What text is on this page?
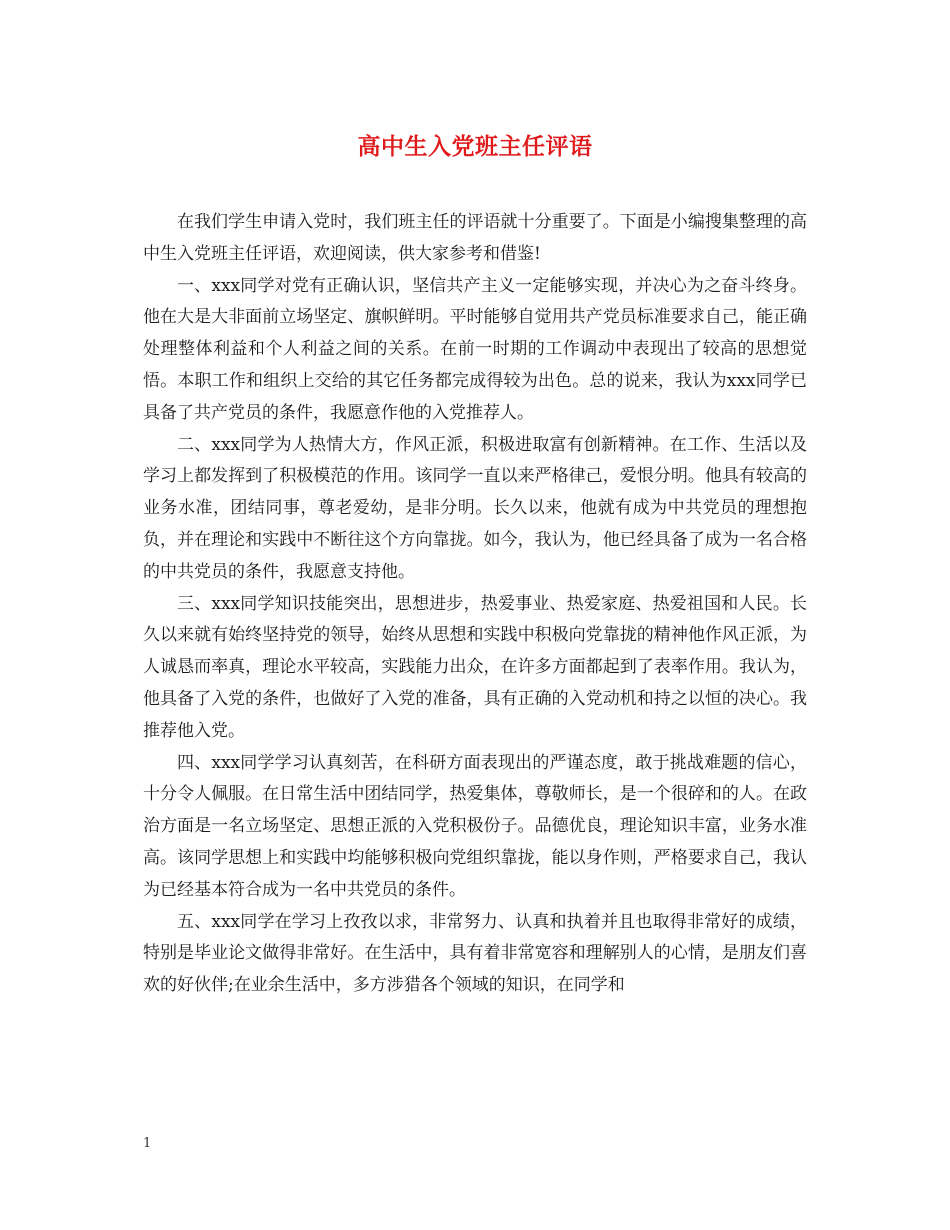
高中生入党班主任评语

在我们学生申请入党时，我们班主任的评语就十分重要了。下面是小编搜集整理的高中生入党班主任评语，欢迎阅读，供大家参考和借鉴!

一、xxx同学对党有正确认识，坚信共产主义一定能够实现，并决心为之奋斗终身。他在大是大非面前立场坚定、旗帜鲜明。平时能够自觉用共产党员标准要求自己，能正确处理整体利益和个人利益之间的关系。在前一时期的工作调动中表现出了较高的思想觉悟。本职工作和组织上交给的其它任务都完成得较为出色。总的说来，我认为xxx同学已具备了共产党员的条件，我愿意作他的入党推荐人。

二、xxx同学为人热情大方，作风正派，积极进取富有创新精神。在工作、生活以及学习上都发挥到了积极模范的作用。该同学一直以来严格律己，爱恨分明。他具有较高的业务水准，团结同事，尊老爱幼，是非分明。长久以来，他就有成为中共党员的理想抱负，并在理论和实践中不断往这个方向靠拢。如今，我认为，他已经具备了成为一名合格的中共党员的条件，我愿意支持他。

三、xxx同学知识技能突出，思想进步，热爱事业、热爱家庭、热爱祖国和人民。长久以来就有始终坚持党的领导，始终从思想和实践中积极向党靠拢的精神他作风正派，为人诚恳而率真，理论水平较高，实践能力出众，在许多方面都起到了表率作用。我认为，他具备了入党的条件，也做好了入党的准备，具有正确的入党动机和持之以恒的决心。我推荐他入党。

四、xxx同学学习认真刻苦，在科研方面表现出的严谨态度，敢于挑战难题的信心，十分令人佩服。在日常生活中团结同学，热爱集体，尊敬师长，是一个很碎和的人。在政治方面是一名立场坚定、思想正派的入党积极份子。品德优良，理论知识丰富，业务水准高。该同学思想上和实践中均能够积极向党组织靠拢，能以身作则，严格要求自己，我认为已经基本符合成为一名中共党员的条件。

五、xxx同学在学习上孜孜以求，非常努力、认真和执着并且也取得非常好的成绩，特别是毕业论文做得非常好。在生活中，具有着非常宽容和理解别人的心情，是朋友们喜欢的好伙伴;在业余生活中，多方涉猎各个领域的知识，在同学和

1
